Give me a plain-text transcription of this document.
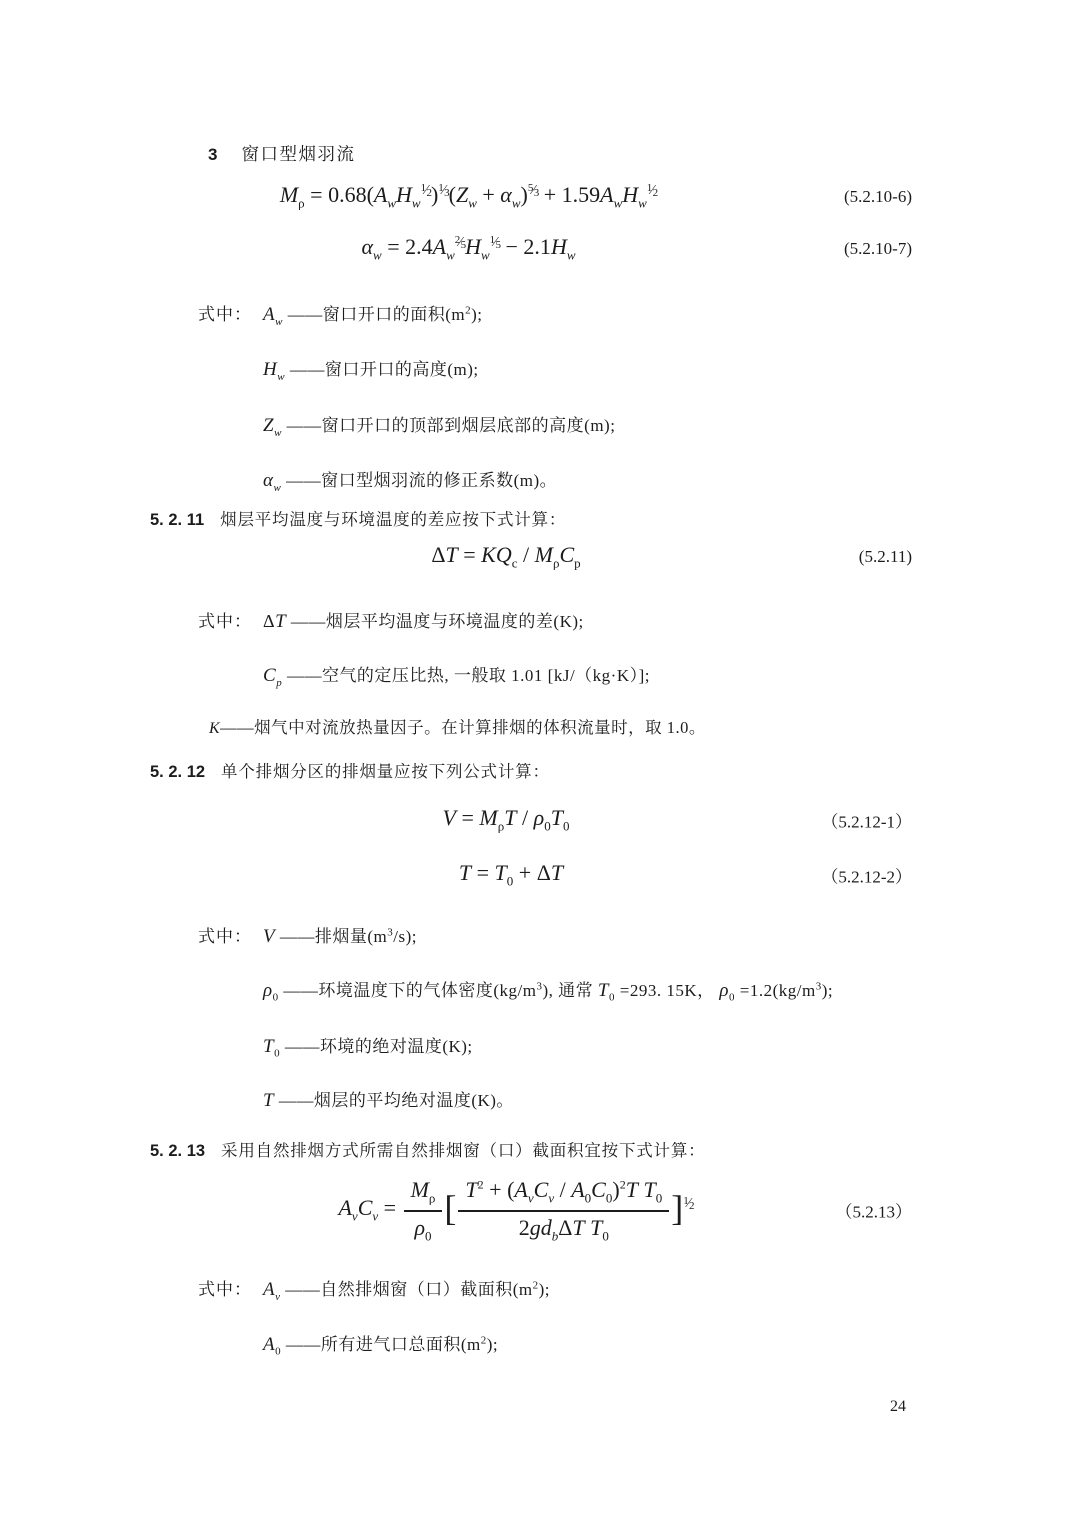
3 窗口型烟羽流
$M_\rho = 0.68(A_wH_w^{^1⁄_2})^{^1⁄_3}(Z_w + \alpha_w)^{^5⁄_3} + 1.59A_wH_w^{^1⁄_2}$	(5.2.10-6)
$\alpha_w = 2.4A_w^{^2⁄_5}H_w^{^1⁄_5} - 2.1H_w$	(5.2.10-7)
式中： $A_w$ ——窗口开口的面积$(m^2)$;
$H_w$ ——窗口开口的高度(m);
$Z_w$ ——窗口开口的顶部到烟层底部的高度(m);
$\alpha_w$ ——窗口型烟羽流的修正系数(m)。
5. 2. 11 烟层平均温度与环境温度的差应按下式计算：
$\Delta T = KQ_c / M_\rho C_p$	(5.2.11)
式中： ΔT ——烟层平均温度与环境温度的差(K);
$C_p$ ——空气的定压比热, 一般取 1.01 [kJ/（kg·K）];
K——烟气中对流放热量因子。在计算排烟的体积流量时，取 1.0。
5. 2. 12 单个排烟分区的排烟量应按下列公式计算：
$V = M_\rho T / \rho_0T_0$	（5.2.12-1）
$T = T_0 + \Delta T$	（5.2.12-2）
式中： V ——排烟量$(m^3/s)$;
$\rho_0$ ——环境温度下的气体密度$(kg/m^3)$, 通常 $T_0 =293$. 15K， $\rho_0 =1.2(kg/m^3)$;
$T_0$ ——环境的绝对温度(K);
T ——烟层的平均绝对温度(K)。
5. 2. 13 采用自然排烟方式所需自然排烟窗（口）截面积宜按下式计算：
$A_vC_v = \frac{M_\rho}{\rho_0}$ [ $\frac{T^2 + (A_vC_v / A_0C_0)^2T T_0}{2gd_b\Delta T T_0} ]^{^1⁄_2}$	（5.2.13）
式中： $A_v$ ——自然排烟窗（口）截面积$(m^2)$;
$A_0$ ——所有进气口总面积$(m^2)$;
24
